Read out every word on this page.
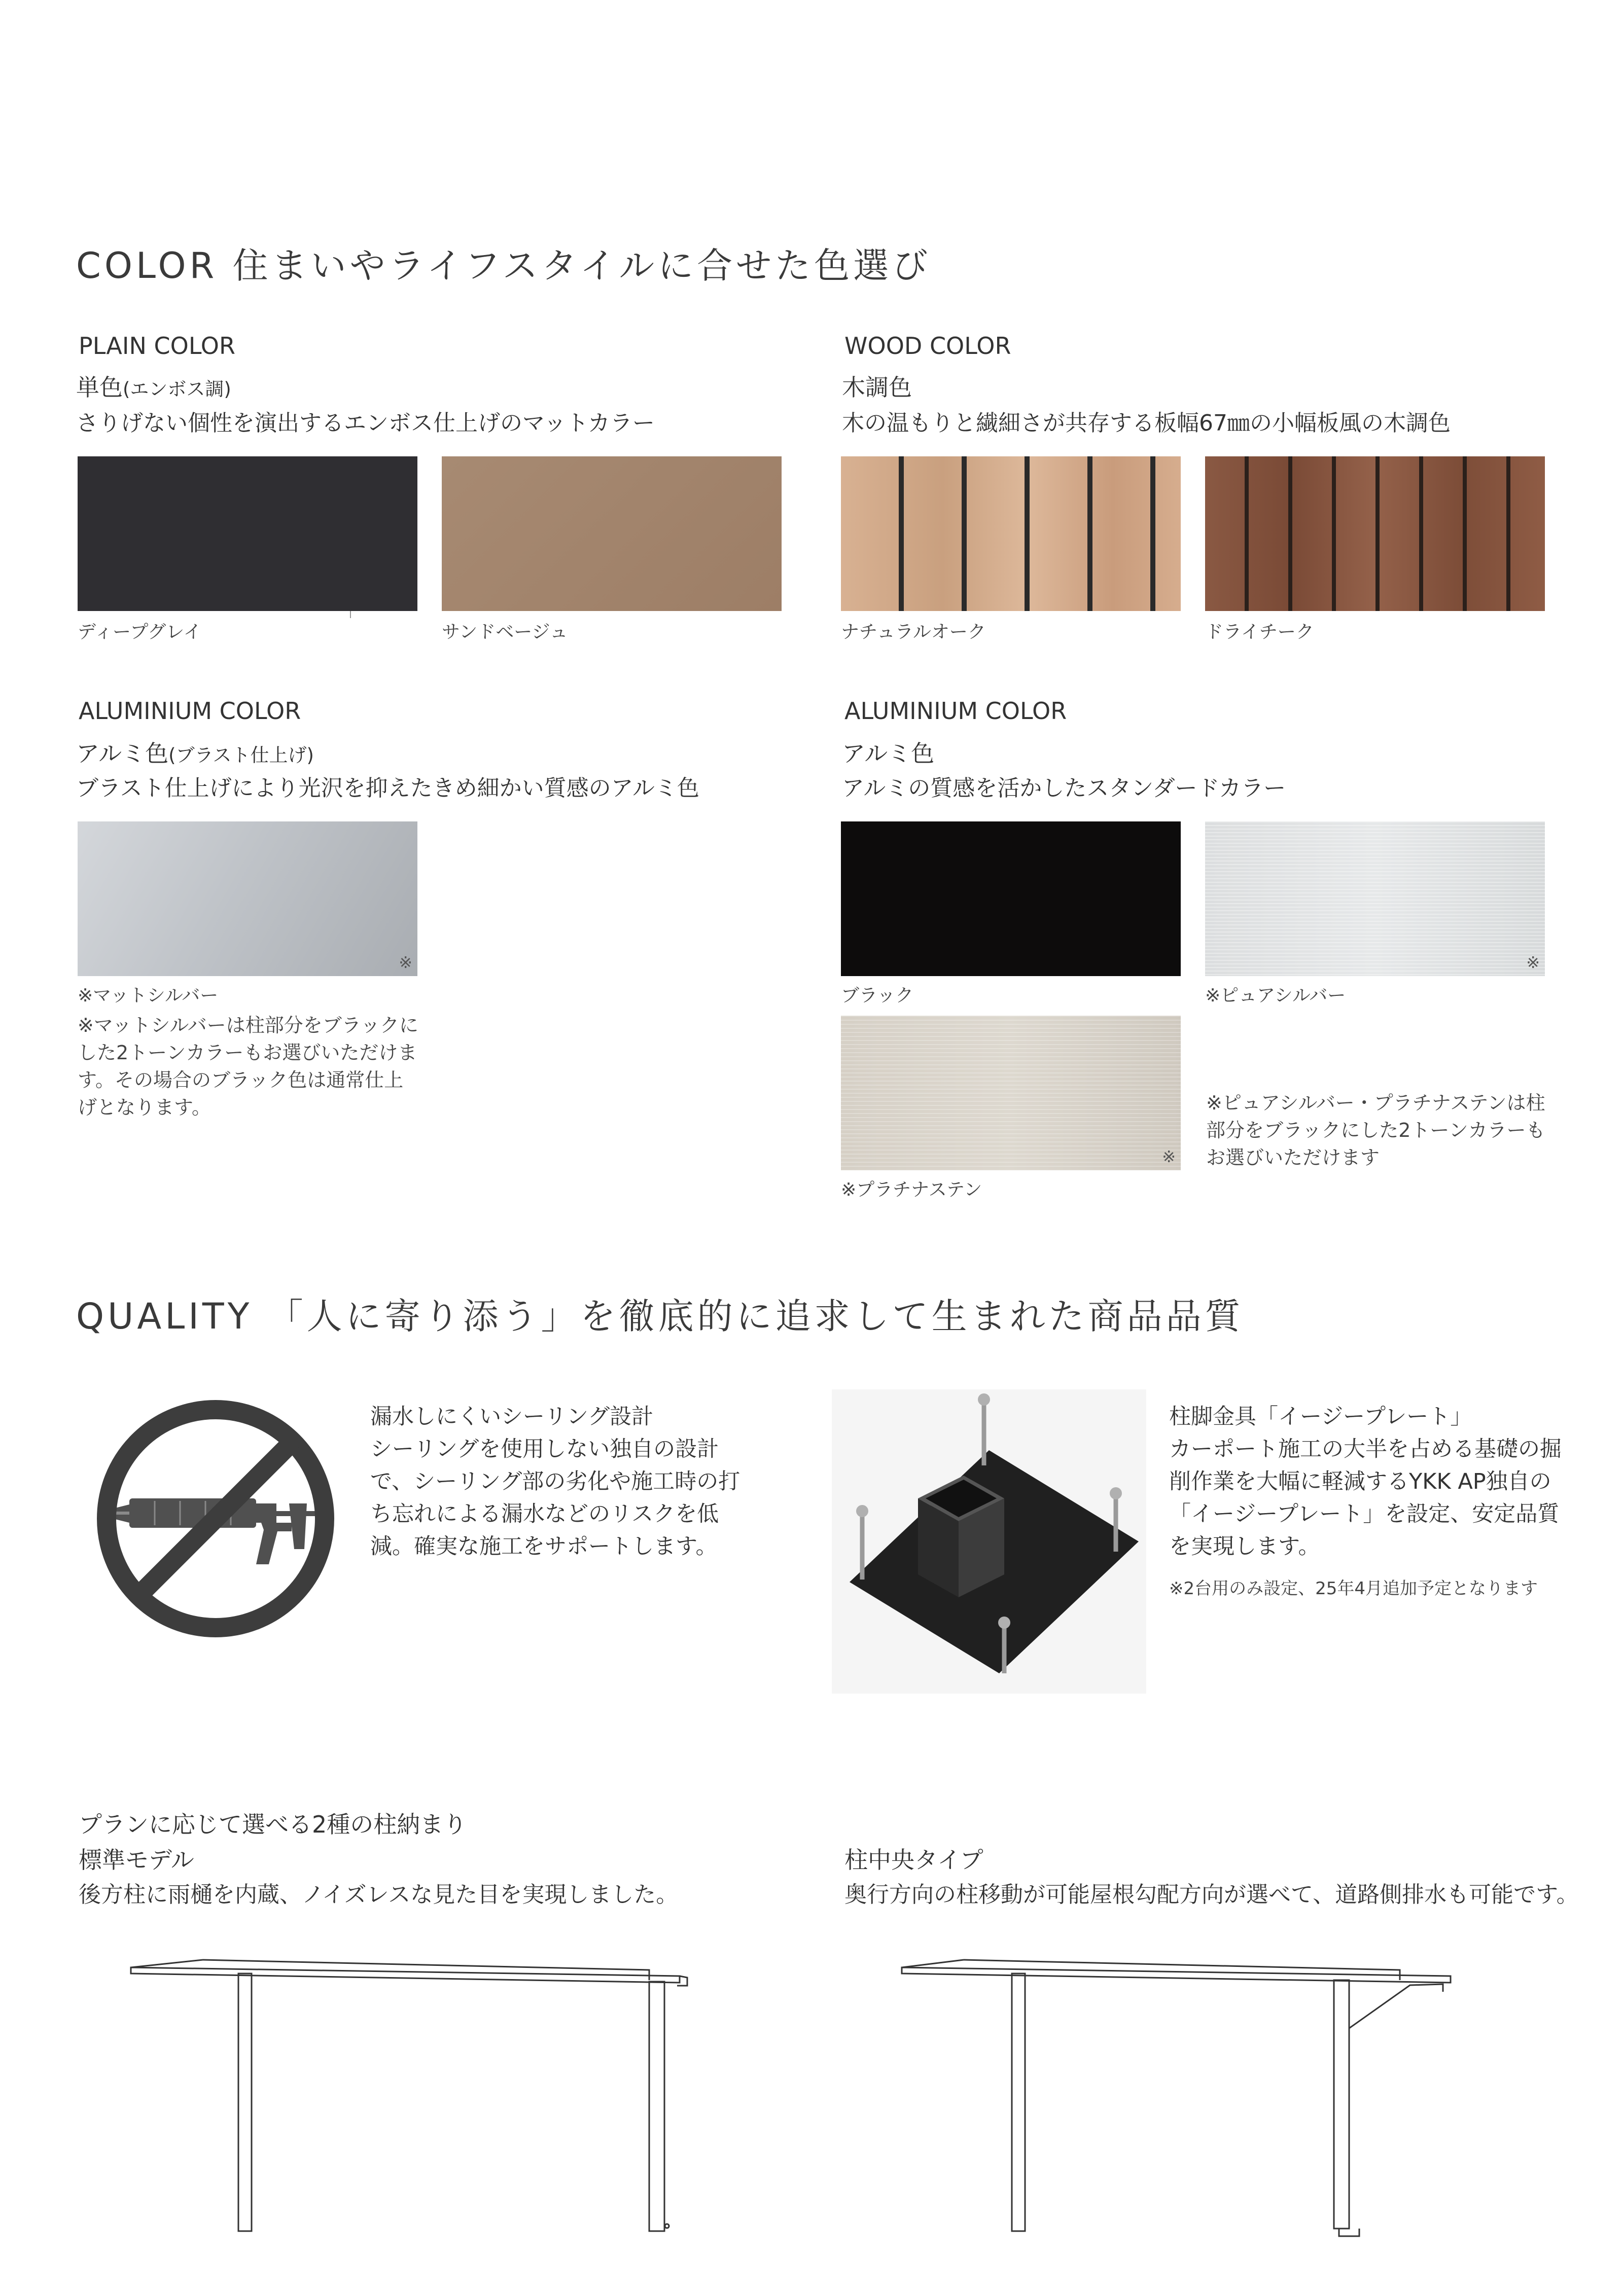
COLOR 住まいやライフスタイルに合せた色選び
PLAIN COLOR
単色(エンボス調)
さりげない個性を演出するエンボス仕上げのマットカラー
ディープグレイ	サンドベージュ
WOOD COLOR
木調色
木の温もりと繊細さが共存する板幅67㎜の小幅板風の木調色
ナチュラルオーク	ドライチーク
ALUMINIUM COLOR
アルミ色(ブラスト仕上げ)
ブラスト仕上げにより光沢を抑えたきめ細かい質感のアルミ色
※
※マットシルバー
※マットシルバーは柱部分をブラックにした2トーンカラーもお選びいただけます。その場合のブラック色は通常仕上げとなります。
ALUMINIUM COLOR
アルミ色
アルミの質感を活かしたスタンダードカラー
ブラック
※
※ピュアシルバー
※
※プラチナステン
※ピュアシルバー・プラチナステンは柱部分をブラックにした2トーンカラーもお選びいただけます
QUALITY 「人に寄り添う」を徹底的に追求して生まれた商品品質
漏水しにくいシーリング設計
シーリングを使用しない独自の設計で、シーリング部の劣化や施工時の打ち忘れによる漏水などのリスクを低減。確実な施工をサポートします。
柱脚金具「イージープレート」
カーポート施工の大半を占める基礎の掘削作業を大幅に軽減するYKK AP独自の「イージープレート」を設定、安定品質を実現します。
※2台用のみ設定、25年4月追加予定となります
プランに応じて選べる2種の柱納まり
標準モデル
後方柱に雨樋を内蔵、ノイズレスな見た目を実現しました。
柱中央タイプ
奥行方向の柱移動が可能屋根勾配方向が選べて、道路側排水も可能です。
